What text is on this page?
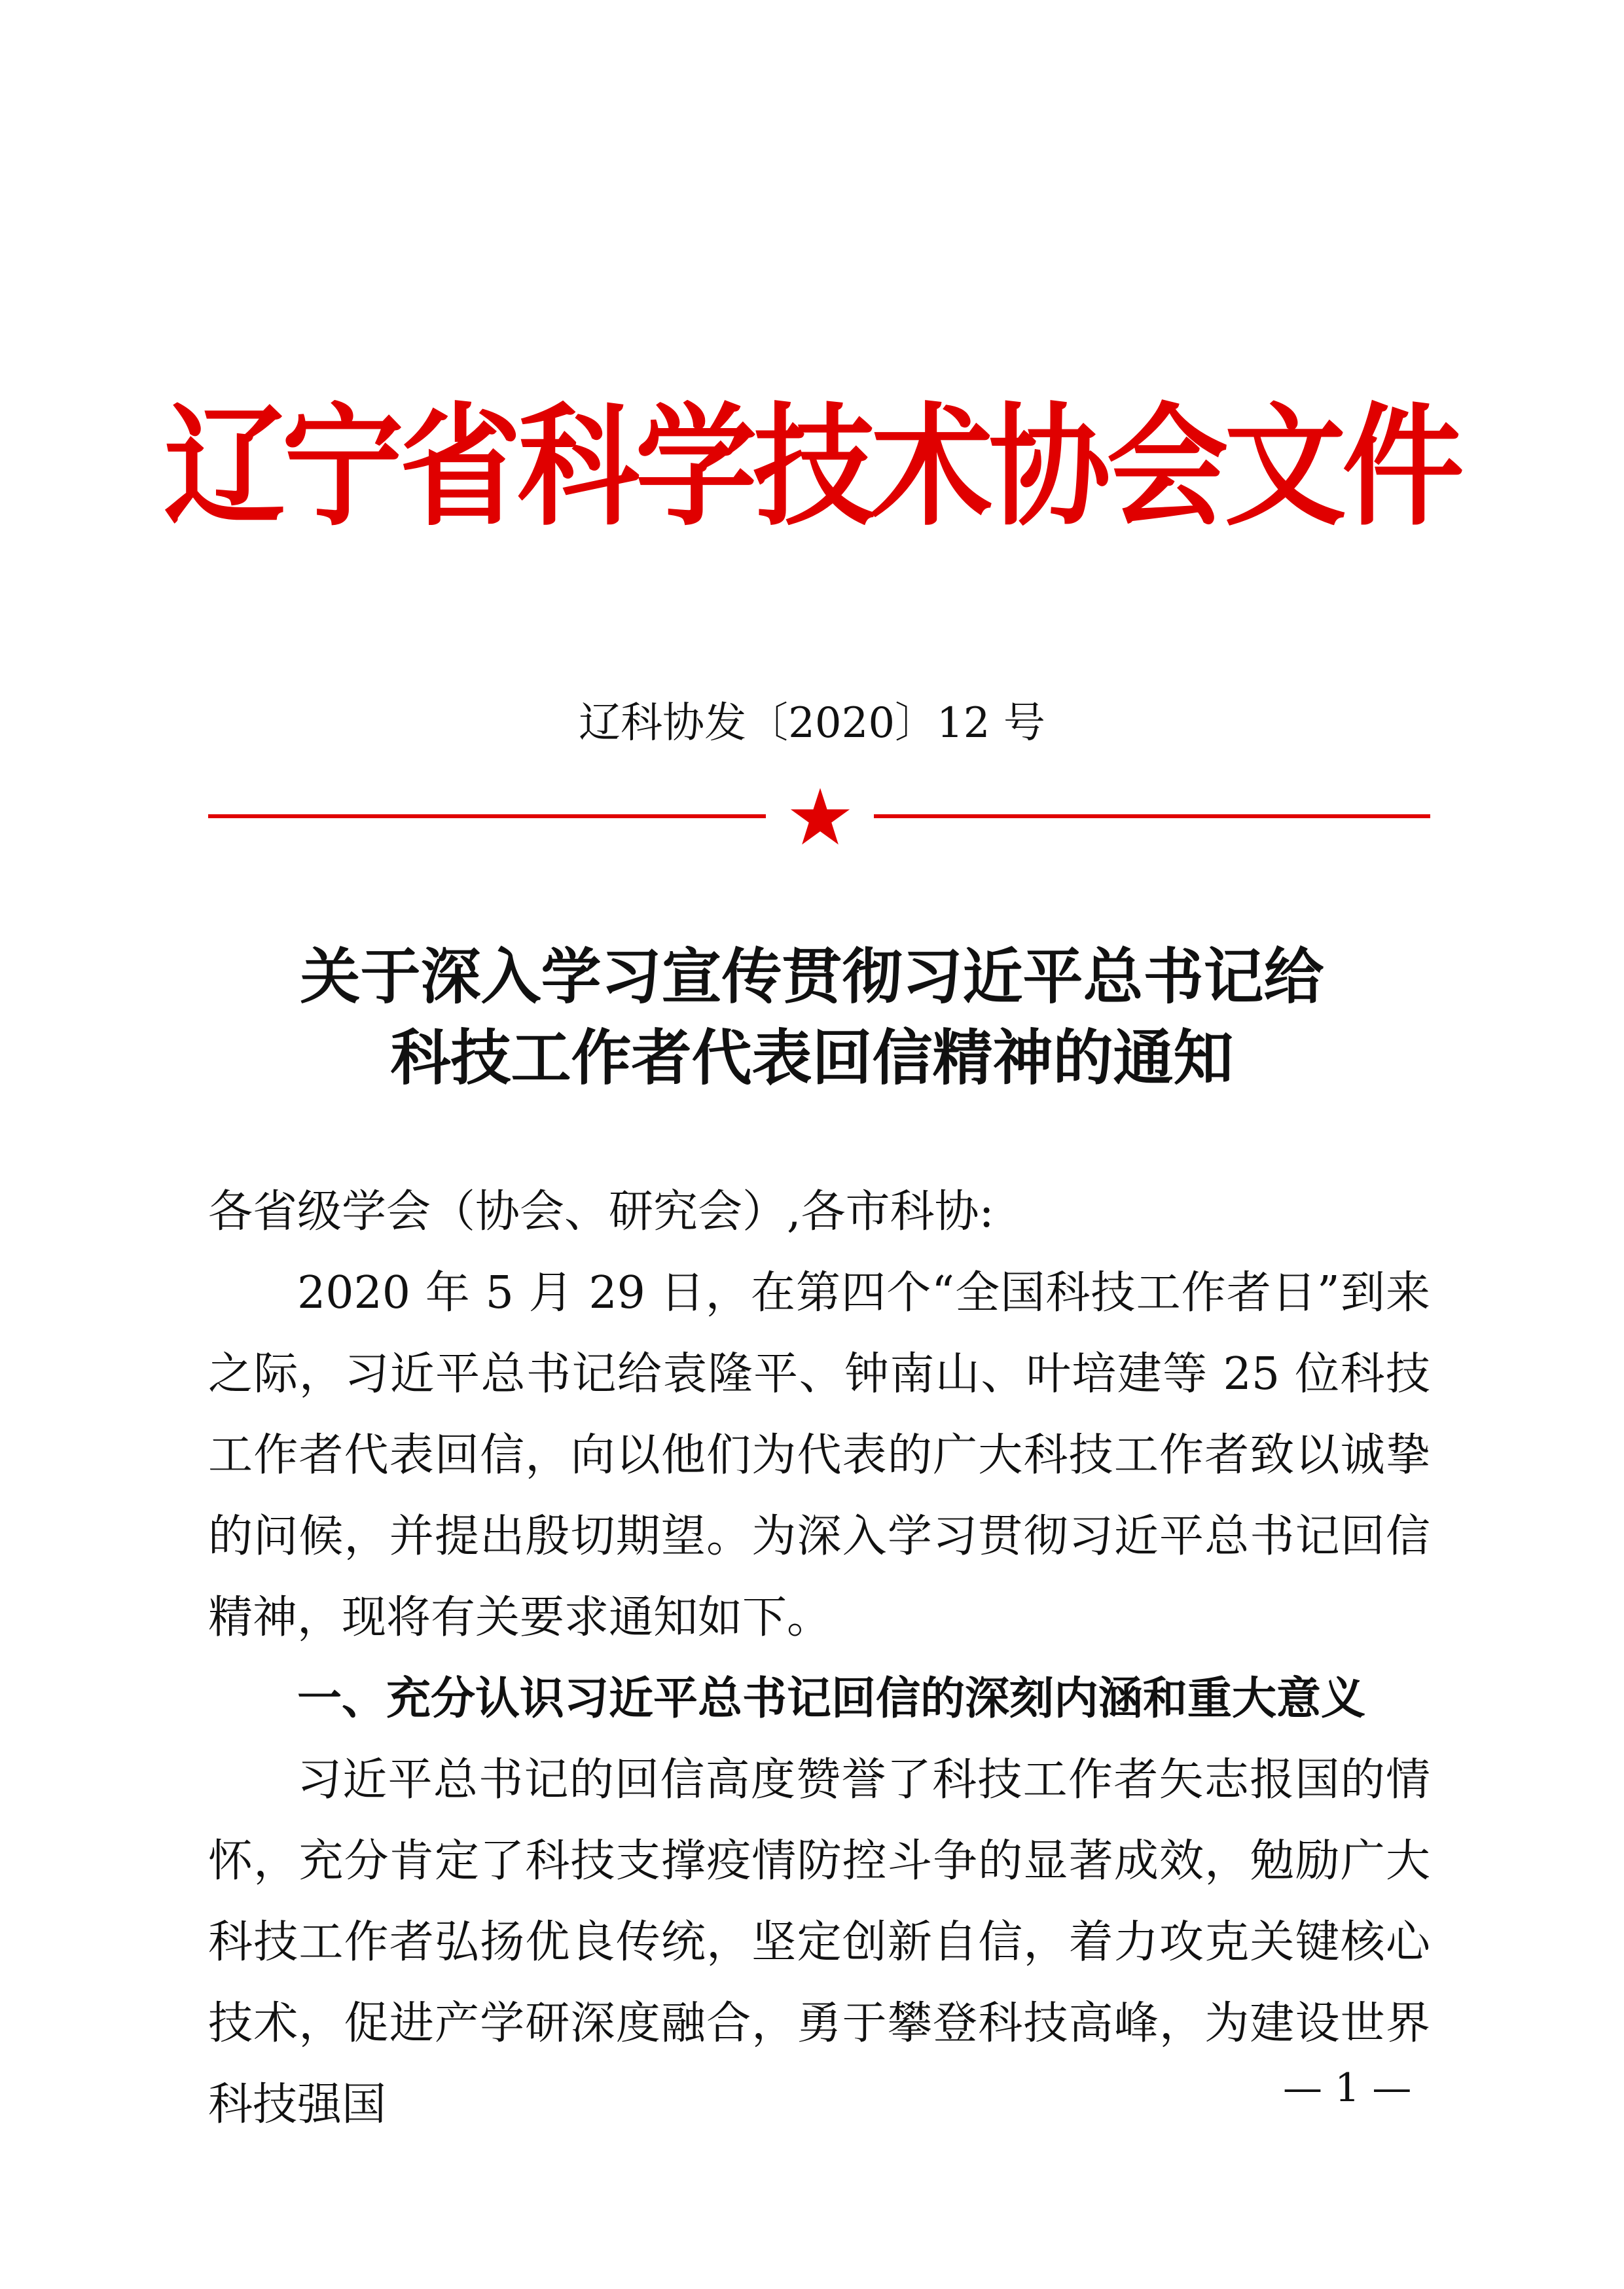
辽宁省科学技术协会文件
辽科协发〔2020〕12 号
关于深入学习宣传贯彻习近平总书记给
科技工作者代表回信精神的通知

各省级学会（协会、研究会）,各市科协:

2020 年 5 月 29 日，在第四个“全国科技工作者日”到来之际，习近平总书记给袁隆平、钟南山、叶培建等 25 位科技工作者代表回信，向以他们为代表的广大科技工作者致以诚挚的问候，并提出殷切期望。为深入学习贯彻习近平总书记回信精神，现将有关要求通知如下。

一、充分认识习近平总书记回信的深刻内涵和重大意义

习近平总书记的回信高度赞誉了科技工作者矢志报国的情怀，充分肯定了科技支撑疫情防控斗争的显著成效，勉励广大科技工作者弘扬优良传统，坚定创新自信，着力攻克关键核心技术，促进产学研深度融合，勇于攀登科技高峰，为建设世界科技强国	— 1 —
